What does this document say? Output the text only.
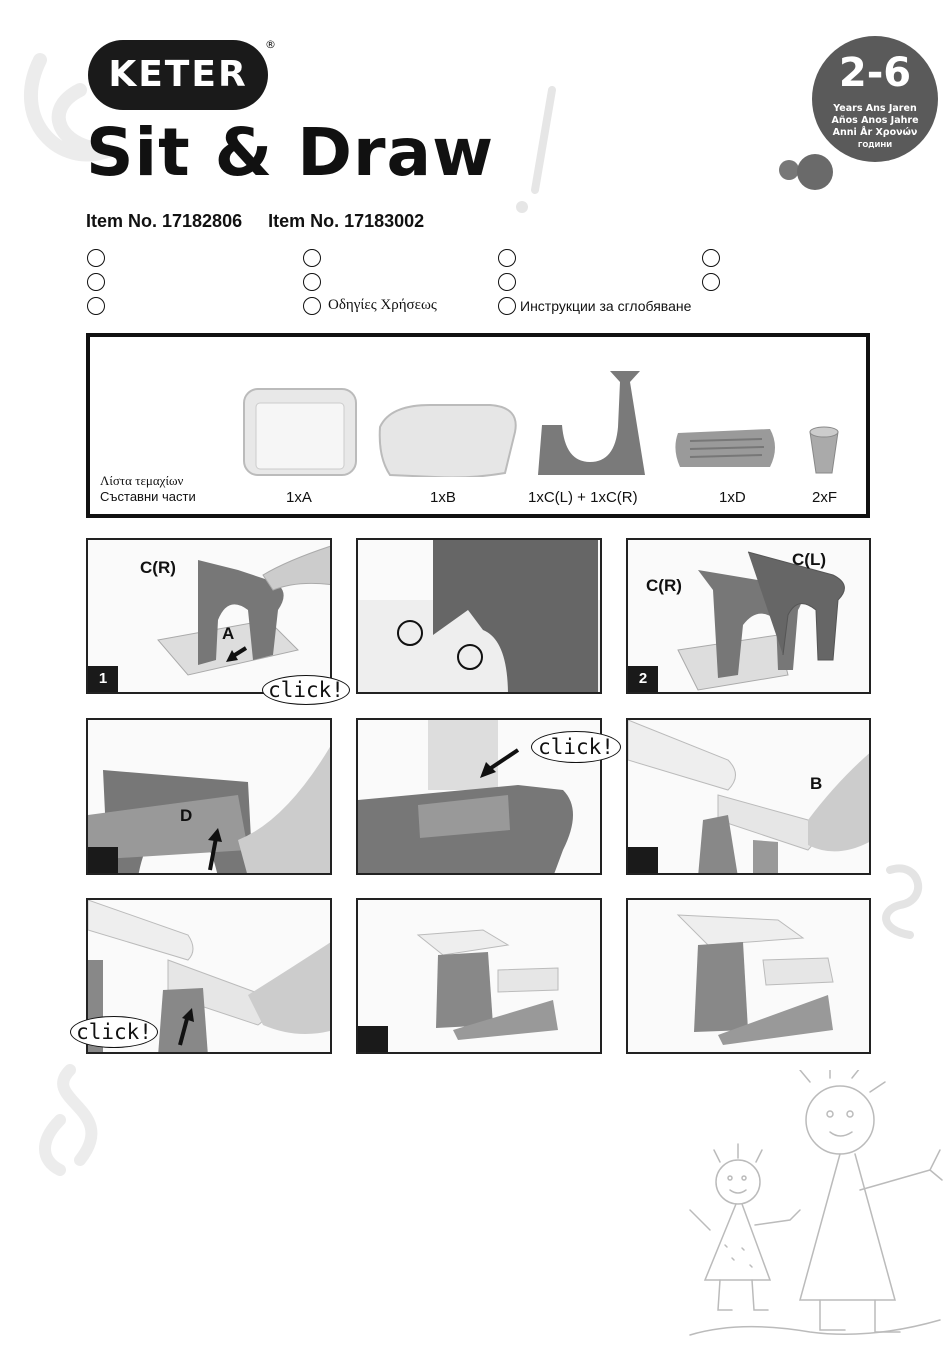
KETER
®
Sit & Draw
Item No. 17182806 Item No. 17183002
2-6
Years Ans Jaren
Años Anos Jahre
Anni År Χρονών
ГОДИНИ
Οδηγίες Χρήσεως	Инструкции за сглобяване
Λίστα τεμαχίων
Съставни части	1xA	1xB	1xC(L) + 1xC(R)	1xD	2xF
C(R)
A
1	click!
C(L)
C(R)
2
D
click!
B
click!
